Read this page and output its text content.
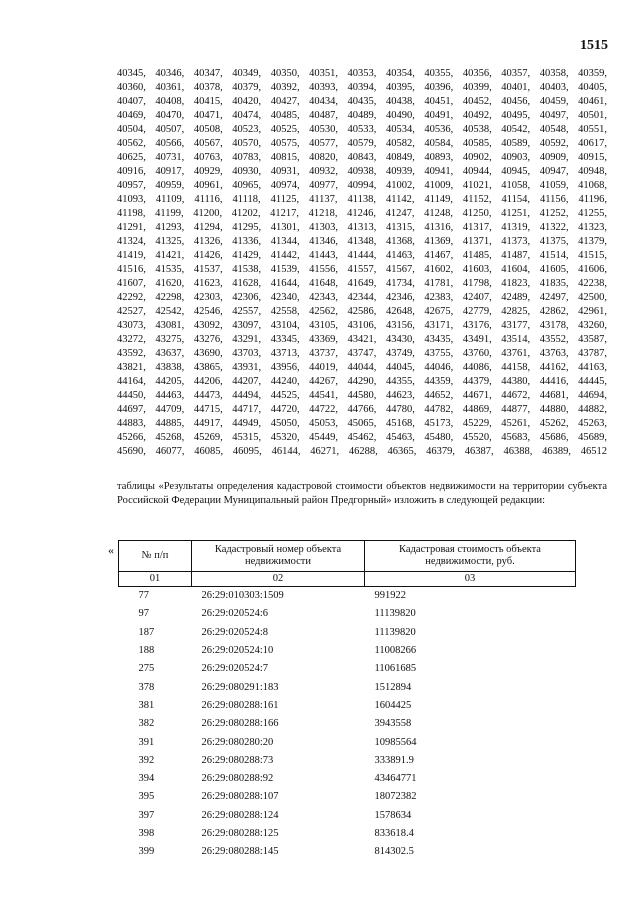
1515
40345, 40346, 40347, 40349, 40350, 40351, 40353, 40354, 40355, 40356, 40357, 40358, 40359,
40360, 40361, 40378, 40379, 40392, 40393, 40394, 40395, 40396, 40399, 40401, 40403, 40405,
40407, 40408, 40415, 40420, 40427, 40434, 40435, 40438, 40451, 40452, 40456, 40459, 40461,
40469, 40470, 40471, 40474, 40485, 40487, 40489, 40490, 40491, 40492, 40495, 40497, 40501,
40504, 40507, 40508, 40523, 40525, 40530, 40533, 40534, 40536, 40538, 40542, 40548, 40551,
40562, 40566, 40567, 40570, 40575, 40577, 40579, 40582, 40584, 40585, 40589, 40592, 40617,
40625, 40731, 40763, 40783, 40815, 40820, 40843, 40849, 40893, 40902, 40903, 40909, 40915,
40916, 40917, 40929, 40930, 40931, 40932, 40938, 40939, 40941, 40944, 40945, 40947, 40948,
40957, 40959, 40961, 40965, 40974, 40977, 40994, 41002, 41009, 41021, 41058, 41059, 41068,
41093, 41109, 41116, 41118, 41125, 41137, 41138, 41142, 41149, 41152, 41154, 41156, 41196,
41198, 41199, 41200, 41202, 41217, 41218, 41246, 41247, 41248, 41250, 41251, 41252, 41255,
41291, 41293, 41294, 41295, 41301, 41303, 41313, 41315, 41316, 41317, 41319, 41322, 41323,
41324, 41325, 41326, 41336, 41344, 41346, 41348, 41368, 41369, 41371, 41373, 41375, 41379,
41419, 41421, 41426, 41429, 41442, 41443, 41444, 41463, 41467, 41485, 41487, 41514, 41515,
41516, 41535, 41537, 41538, 41539, 41556, 41557, 41567, 41602, 41603, 41604, 41605, 41606,
41607, 41620, 41623, 41628, 41644, 41648, 41649, 41734, 41781, 41798, 41823, 41835, 42238,
42292, 42298, 42303, 42306, 42340, 42343, 42344, 42346, 42383, 42407, 42489, 42497, 42500,
42527, 42542, 42546, 42557, 42558, 42562, 42586, 42648, 42675, 42779, 42825, 42862, 42961,
43073, 43081, 43092, 43097, 43104, 43105, 43106, 43156, 43171, 43176, 43177, 43178, 43260,
43272, 43275, 43276, 43291, 43345, 43369, 43421, 43430, 43435, 43491, 43514, 43552, 43587,
43592, 43637, 43690, 43703, 43713, 43737, 43747, 43749, 43755, 43760, 43761, 43763, 43787,
43821, 43838, 43865, 43931, 43956, 44019, 44044, 44045, 44046, 44086, 44158, 44162, 44163,
44164, 44205, 44206, 44207, 44240, 44267, 44290, 44355, 44359, 44379, 44380, 44416, 44445,
44450, 44463, 44473, 44494, 44525, 44541, 44580, 44623, 44652, 44671, 44672, 44681, 44694,
44697, 44709, 44715, 44717, 44720, 44722, 44766, 44780, 44782, 44869, 44877, 44880, 44882,
44883, 44885, 44917, 44949, 45050, 45053, 45065, 45168, 45173, 45229, 45261, 45262, 45263,
45266, 45268, 45269, 45315, 45320, 45449, 45462, 45463, 45480, 45520, 45683, 45686, 45689,
45690, 46077, 46085, 46095, 46144, 46271, 46288, 46365, 46379, 46387, 46388, 46389, 46512
таблицы «Результаты определения кадастровой стоимости объектов недвижимости на территории субъекта Российской Федерации Муниципальный район Предгорный» изложить в следующей редакции:
«	№ п/п	Кадастровый номер объекта недвижимости	Кадастровая стоимость объекта недвижимости, руб.
01	02	03
77	26:29:010303:1509	991922
97	26:29:020524:6	11139820
187	26:29:020524:8	11139820
188	26:29:020524:10	11008266
275	26:29:020524:7	11061685
378	26:29:080291:183	1512894
381	26:29:080288:161	1604425
382	26:29:080288:166	3943558
391	26:29:080280:20	10985564
392	26:29:080288:73	333891.9
394	26:29:080288:92	43464771
395	26:29:080288:107	18072382
397	26:29:080288:124	1578634
398	26:29:080288:125	833618.4
399	26:29:080288:145	814302.5
